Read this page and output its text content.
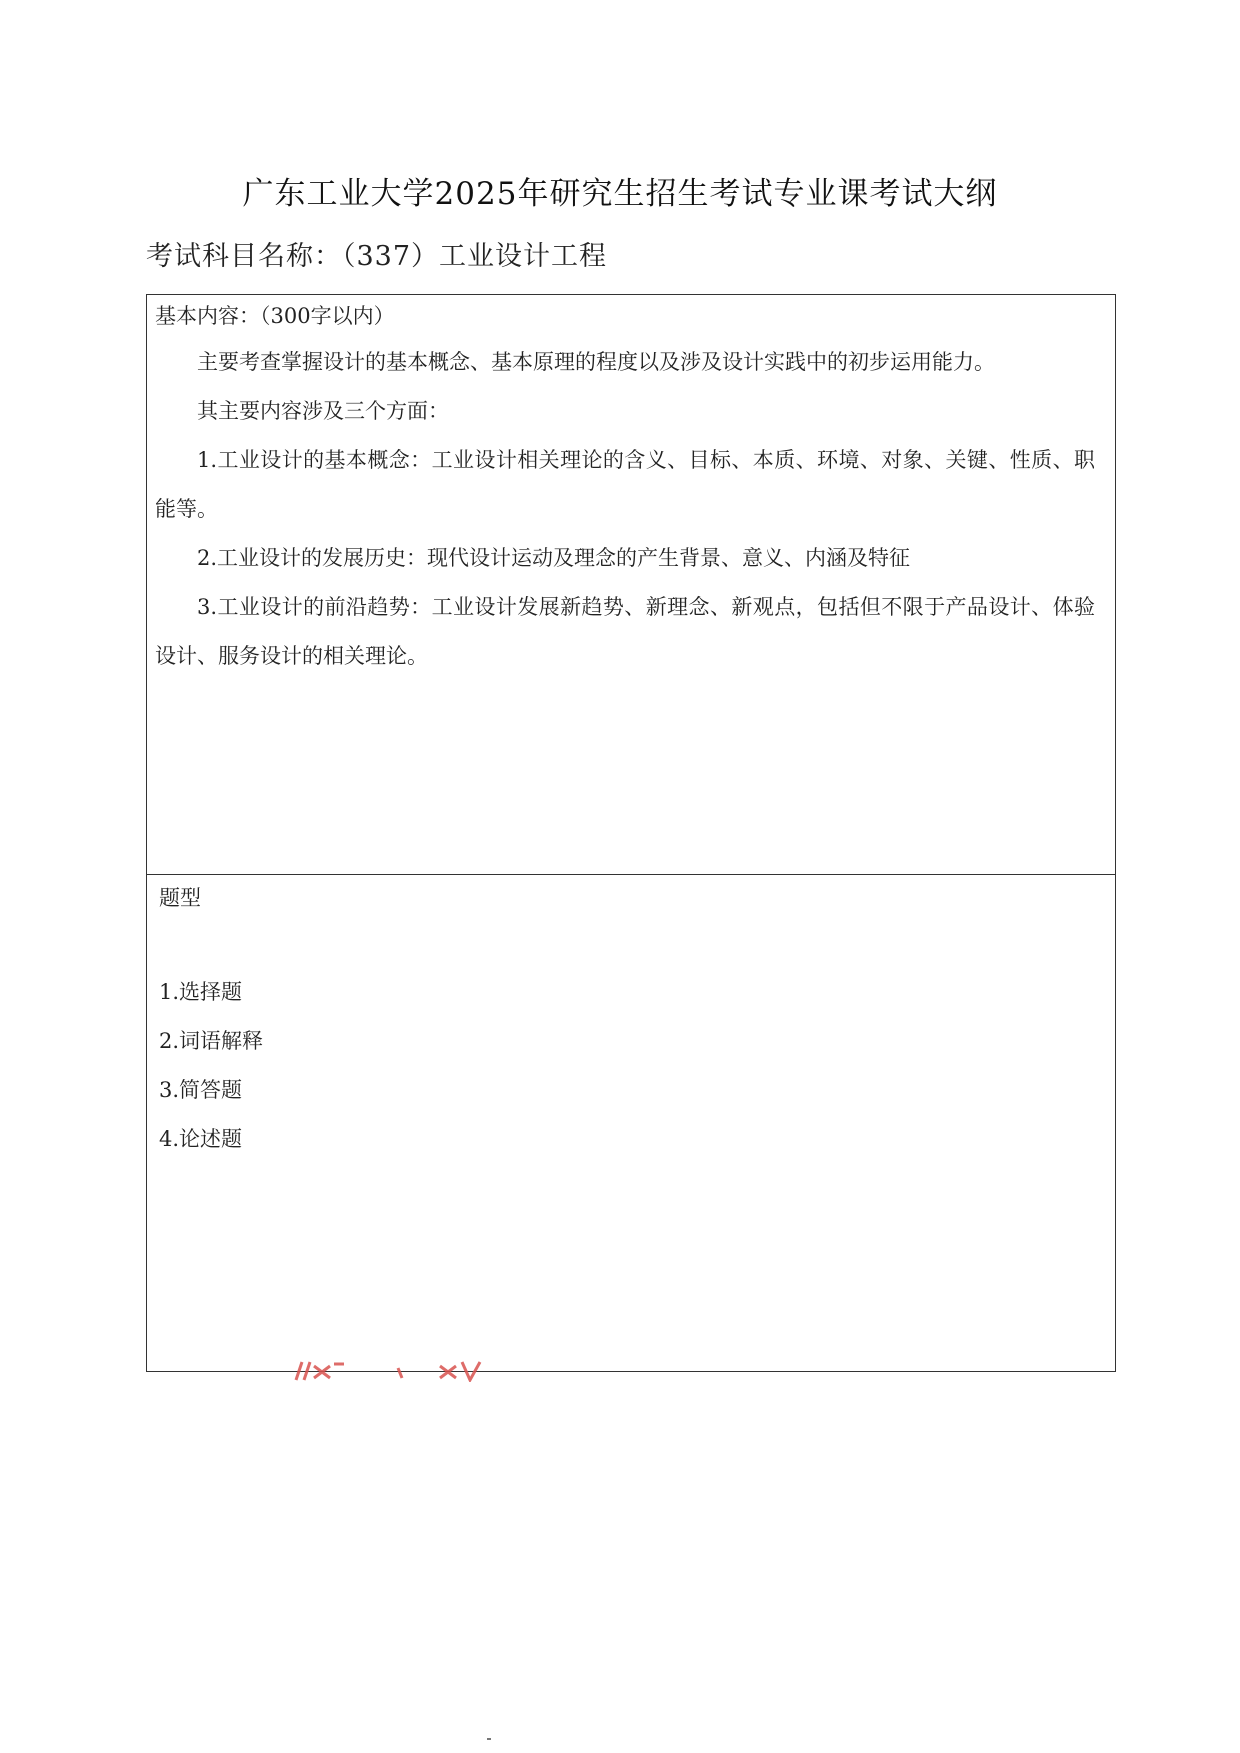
广东工业大学2025年研究生招生考试专业课考试大纲
考试科目名称：（337）工业设计工程

基本内容：（300字以内）

主要考查掌握设计的基本概念、基本原理的程度以及涉及设计实践中的初步运用能力。

其主要内容涉及三个方面：

1.工业设计的基本概念：工业设计相关理论的含义、目标、本质、环境、对象、关键、性质、职能等。

2.工业设计的发展历史：现代设计运动及理念的产生背景、意义、内涵及特征

3.工业设计的前沿趋势：工业设计发展新趋势、新理念、新观点，包括但不限于产品设计、体验设计、服务设计的相关理论。

题型

1.选择题
2.词语解释
3.简答题
4.论述题
